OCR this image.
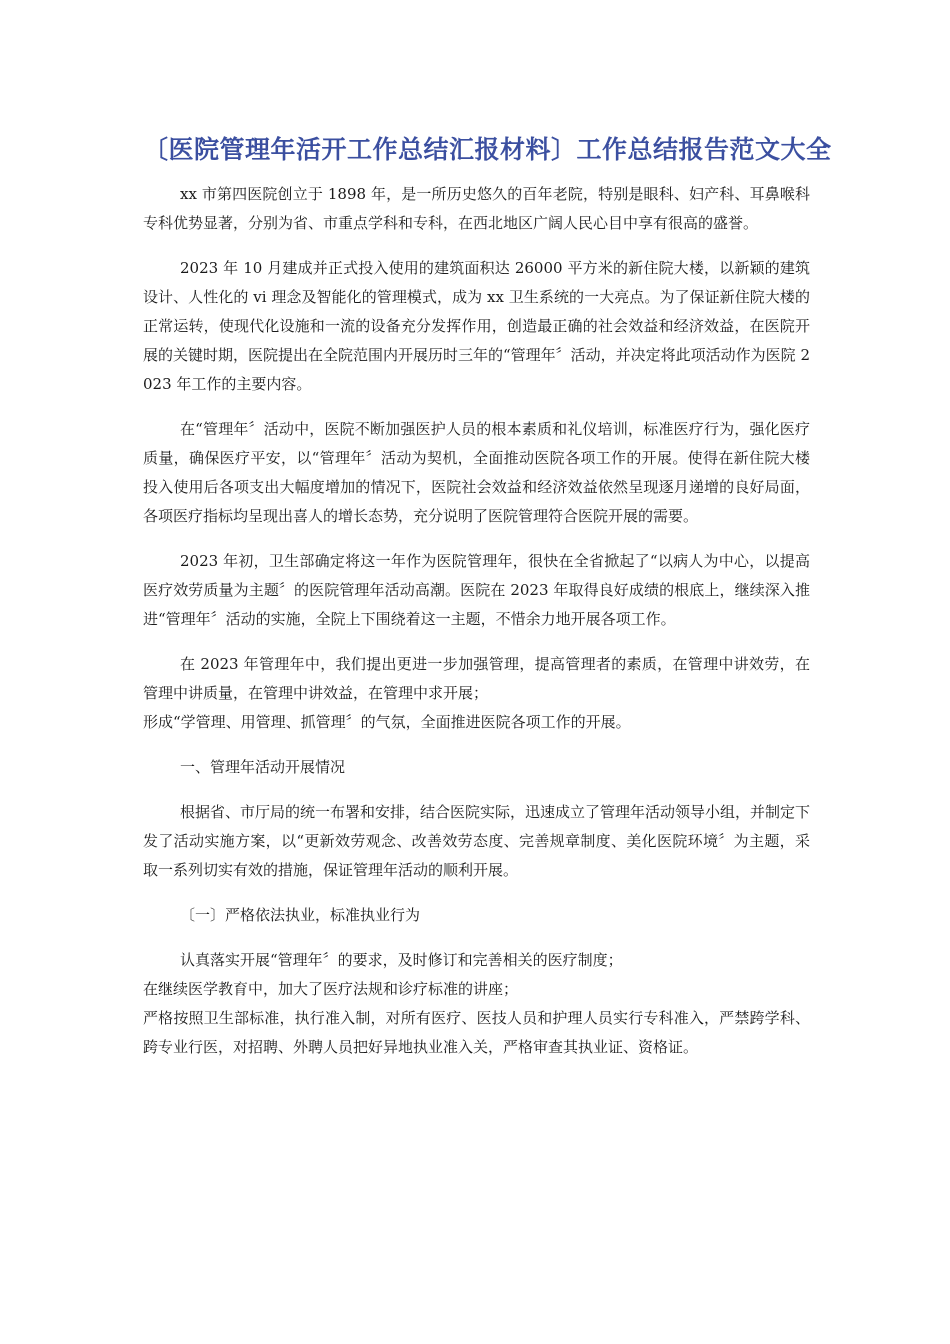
〔医院管理年活开工作总结汇报材料〕工作总结报告范文大全

xx 市第四医院创立于 1898 年，是一所历史悠久的百年老院，特别是眼科、妇产科、耳鼻喉科专科优势显著，分别为省、市重点学科和专科，在西北地区广阔人民心目中享有很高的盛誉。

2023 年 10 月建成并正式投入使用的建筑面积达 26000 平方米的新住院大楼，以新颖的建筑设计、人性化的 vi 理念及智能化的管理模式，成为 xx 卫生系统的一大亮点。为了保证新住院大楼的正常运转，使现代化设施和一流的设备充分发挥作用，创造最正确的社会效益和经济效益，在医院开展的关键时期，医院提出在全院范围内开展历时三年的“管理年〞活动，并决定将此项活动作为医院 2023 年工作的主要内容。

在“管理年〞活动中，医院不断加强医护人员的根本素质和礼仪培训，标准医疗行为，强化医疗质量，确保医疗平安，以“管理年〞活动为契机，全面推动医院各项工作的开展。使得在新住院大楼投入使用后各项支出大幅度增加的情况下，医院社会效益和经济效益依然呈现逐月递增的良好局面，各项医疗指标均呈现出喜人的增长态势，充分说明了医院管理符合医院开展的需要。

2023 年初，卫生部确定将这一年作为医院管理年，很快在全省掀起了“以病人为中心，以提高医疗效劳质量为主题〞的医院管理年活动高潮。医院在 2023 年取得良好成绩的根底上，继续深入推进“管理年〞活动的实施，全院上下围绕着这一主题，不惜余力地开展各项工作。

在 2023 年管理年中，我们提出更进一步加强管理，提高管理者的素质，在管理中讲效劳，在管理中讲质量，在管理中讲效益，在管理中求开展；
形成“学管理、用管理、抓管理〞的气氛，全面推进医院各项工作的开展。

一、管理年活动开展情况

根据省、市厅局的统一布署和安排，结合医院实际，迅速成立了管理年活动领导小组，并制定下发了活动实施方案，以“更新效劳观念、改善效劳态度、完善规章制度、美化医院环境〞为主题，采取一系列切实有效的措施，保证管理年活动的顺利开展。

〔一〕严格依法执业，标准执业行为

认真落实开展“管理年〞的要求，及时修订和完善相关的医疗制度；
在继续医学教育中，加大了医疗法规和诊疗标准的讲座；
严格按照卫生部标准，执行准入制，对所有医疗、医技人员和护理人员实行专科准入，严禁跨学科、跨专业行医，对招聘、外聘人员把好异地执业准入关，严格审查其执业证、资格证。
